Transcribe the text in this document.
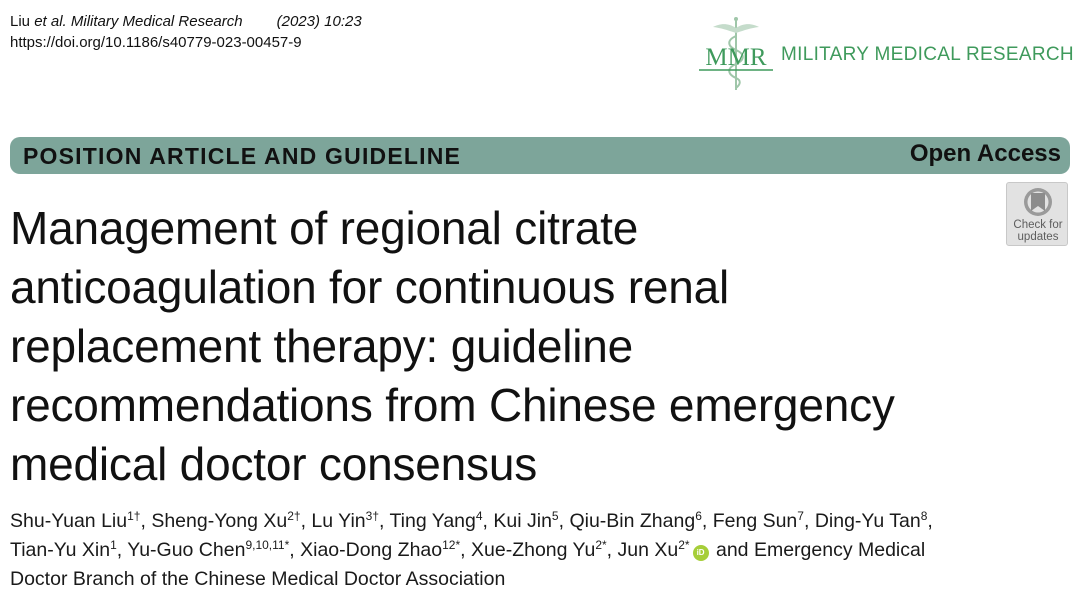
Liu et al. Military Medical Research (2023) 10:23
https://doi.org/10.1186/s40779-023-00457-9
MMR MILITARY MEDICAL RESEARCH
POSITION ARTICLE AND GUIDELINE	Open Access
Check for
updates
Management of regional citrate
anticoagulation for continuous renal
replacement therapy: guideline
recommendations from Chinese emergency
medical doctor consensus
Shu-Yuan Liu$^{1\dagger}$, Sheng-Yong $Xu^{2\dagger}$, Lu Yin$^{3\dagger}$, Ting Yang$^4$, Kui Jin$^5$, Qiu-Bin Zhang$^6$, Feng Sun$^7$, Ding-Yu Tan$^8$,
Tian-Yu Xin$^1$, Yu-Guo Chen$^{9,10,11*}$, Xiao-Dong Zhao$^{12*}$, Xue-Zhong $Yu^{2*}$, Jun $Xu^{2*}iD$ and Emergency Medical
Doctor Branch of the Chinese Medical Doctor Association
